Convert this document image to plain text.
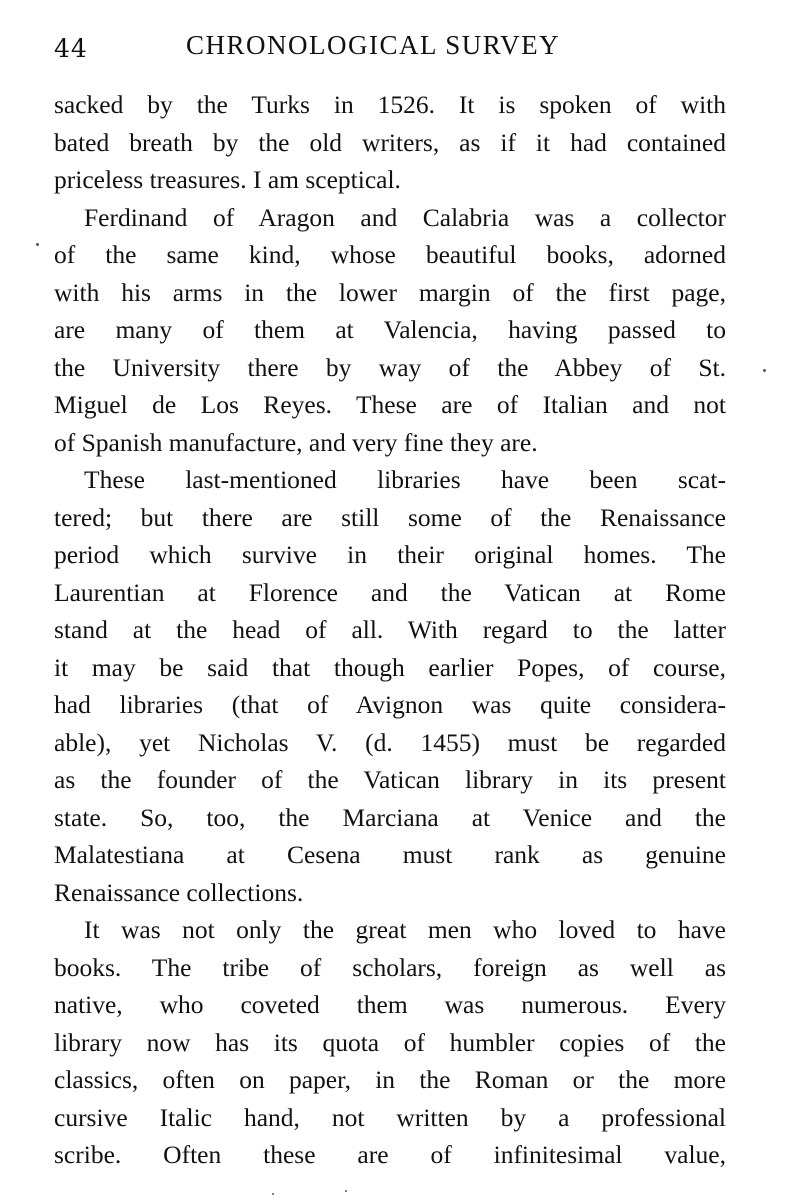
44	CHRONOLOGICAL SURVEY
sacked by the Turks in 1526. It is spoken of with
bated breath by the old writers, as if it had contained
priceless treasures. I am sceptical.
Ferdinand of Aragon and Calabria was a collector
of the same kind, whose beautiful books, adorned
with his arms in the lower margin of the first page,
are many of them at Valencia, having passed to
the University there by way of the Abbey of St.
Miguel de Los Reyes. These are of Italian and not
of Spanish manufacture, and very fine they are.
These last-mentioned libraries have been scat-
tered; but there are still some of the Renaissance
period which survive in their original homes. The
Laurentian at Florence and the Vatican at Rome
stand at the head of all. With regard to the latter
it may be said that though earlier Popes, of course,
had libraries (that of Avignon was quite considera-
able), yet Nicholas V. (d. 1455) must be regarded
as the founder of the Vatican library in its present
state. So, too, the Marciana at Venice and the
Malatestiana at Cesena must rank as genuine
Renaissance collections.
It was not only the great men who loved to have
books. The tribe of scholars, foreign as well as
native, who coveted them was numerous. Every
library now has its quota of humbler copies of the
classics, often on paper, in the Roman or the more
cursive Italic hand, not written by a professional
scribe. Often these are of infinitesimal value,
